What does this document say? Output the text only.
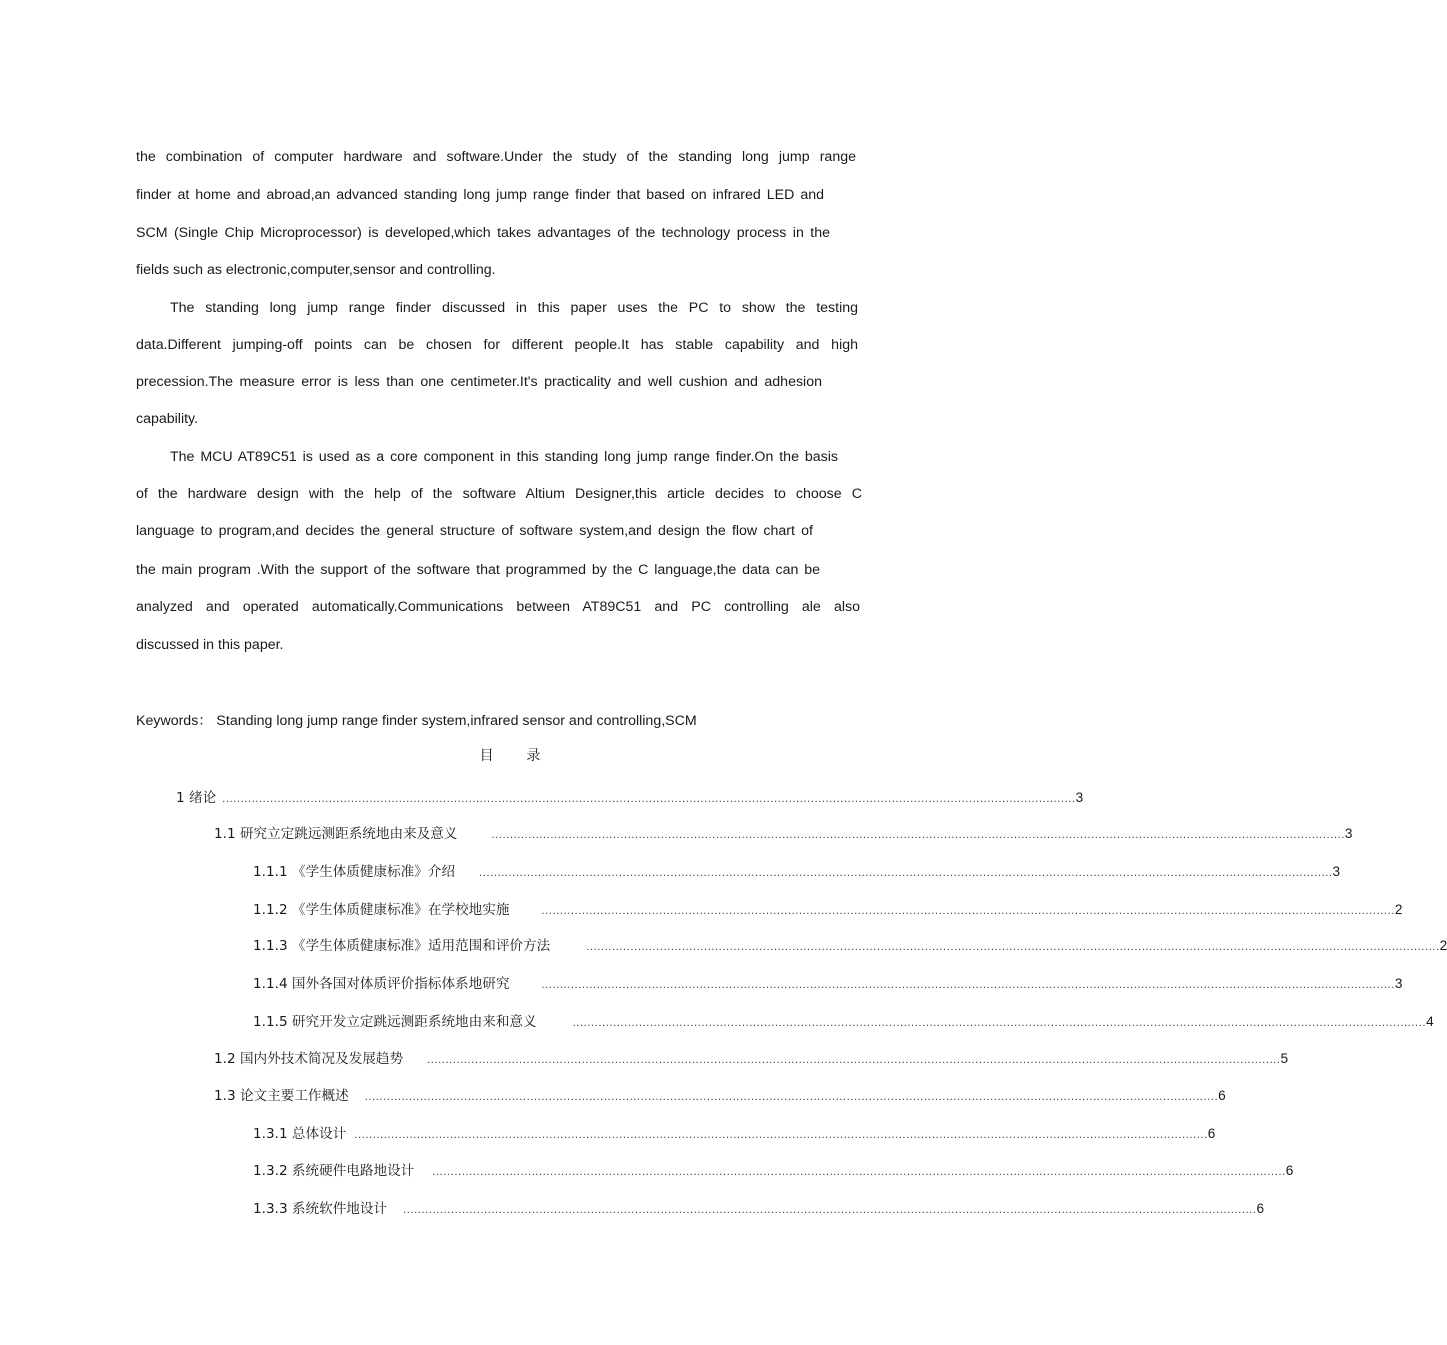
the combination of computer hardware and software.Under the study of the standing long jump range
finder at home and abroad,an advanced standing long jump range finder that based on infrared LED and
SCM (Single Chip Microprocessor) is developed,which takes advantages of the technology process in the
fields such as electronic,computer,sensor and controlling.
The standing long jump range finder discussed in this paper uses the PC to show the testing
data.Different jumping-off points can be chosen for different people.It has stable capability and high
precession.The measure error is less than one centimeter.It's practicality and well cushion and adhesion
capability.
The MCU AT89C51 is used as a core component in this standing long jump range finder.On the basis
of the hardware design with the help of the software Altium Designer,this article decides to choose C
language to program,and decides the general structure of software system,and design the flow chart of
the main program .With the support of the software that programmed by the C language,the data can be
analyzed and operated automatically.Communications between AT89C51 and PC controlling ale also
discussed in this paper.
Keywords： Standing long jump range finder system,infrared sensor and controlling,SCM
目 录
1 绪论 ........................................................................................................................................................................................................................................ 3
1.1 研究立定跳远测距系统地由来及意义	........................................................................................................................................................................................................................................ 3
1.1.1 《学生体质健康标准》介绍 ........................................................................................................................................................................................................................................ 3
1.1.2 《学生体质健康标准》在学校地实施	........................................................................................................................................................................................................................................ 2
1.1.3 《学生体质健康标准》适用范围和评价方法	........................................................................................................................................................................................................................................ 2
1.1.4 国外各国对体质评价指标体系地研究	........................................................................................................................................................................................................................................ 3
1.1.5 研究开发立定跳远测距系统地由来和意义	........................................................................................................................................................................................................................................ 4
1.2 国内外技术简况及发展趋势 ........................................................................................................................................................................................................................................ 5
1.3 论文主要工作概述 ........................................................................................................................................................................................................................................ 6
1.3.1 总体设计 ........................................................................................................................................................................................................................................ 6
1.3.2 系统硬件电路地设计 ........................................................................................................................................................................................................................................ 6
1.3.3 系统软件地设计 ........................................................................................................................................................................................................................................ 6
